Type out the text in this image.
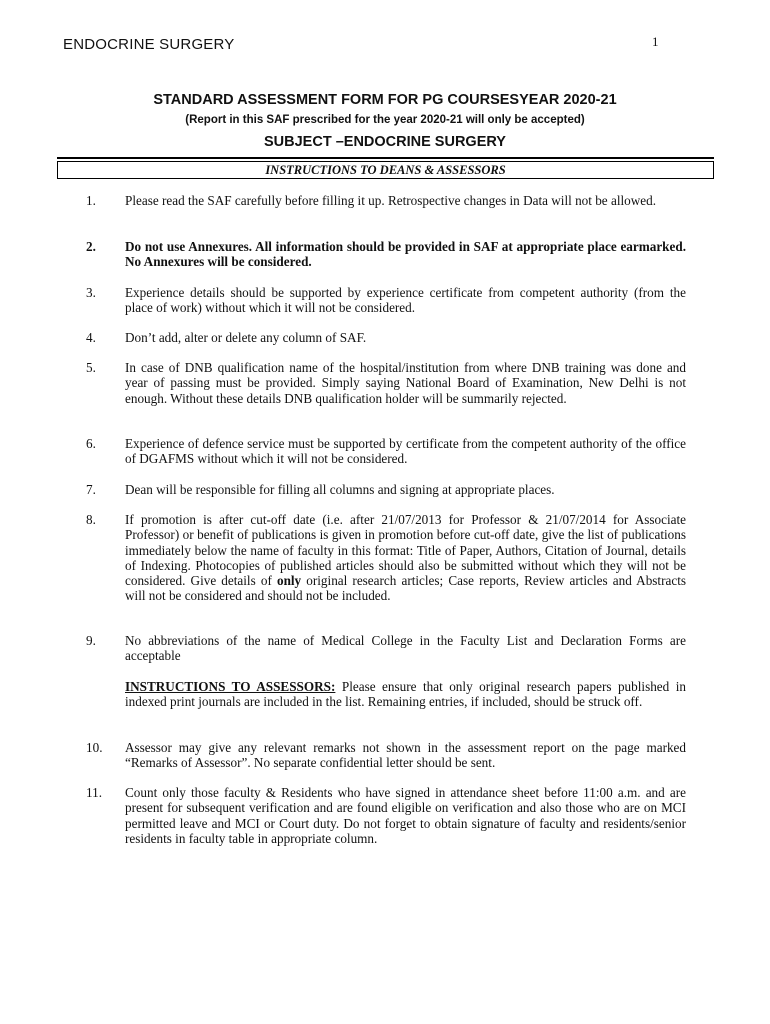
ENDOCRINE SURGERY	1
STANDARD ASSESSMENT FORM FOR PG COURSESYEAR 2020-21
(Report in this SAF prescribed for the year 2020-21 will only be accepted)
SUBJECT –ENDOCRINE SURGERY
INSTRUCTIONS TO DEANS & ASSESSORS
1.	Please read the SAF carefully before filling it up. Retrospective changes in Data will not be allowed.
2.	Do not use Annexures. All information should be provided in SAF at appropriate place earmarked. No Annexures will be considered.
3.	Experience details should be supported by experience certificate from competent authority (from the place of work) without which it will not be considered.
4.	Don’t add, alter or delete any column of SAF.
5.	In case of DNB qualification name of the hospital/institution from where DNB training was done and year of passing must be provided. Simply saying National Board of Examination, New Delhi is not enough. Without these details DNB qualification holder will be summarily rejected.
6.	Experience of defence service must be supported by certificate from the competent authority of the office of DGAFMS without which it will not be considered.
7.	Dean will be responsible for filling all columns and signing at appropriate places.
8.	If promotion is after cut-off date (i.e. after 21/07/2013 for Professor & 21/07/2014 for Associate Professor) or benefit of publications is given in promotion before cut-off date, give the list of publications immediately below the name of faculty in this format: Title of Paper, Authors, Citation of Journal, details of Indexing. Photocopies of published articles should also be submitted without which they will not be considered. Give details of only original research articles; Case reports, Review articles and Abstracts will not be considered and should not be included.
9.	No abbreviations of the name of Medical College in the Faculty List and Declaration Forms are acceptable
INSTRUCTIONS TO ASSESSORS: Please ensure that only original research papers published in indexed print journals are included in the list. Remaining entries, if included, should be struck off.
10.	Assessor may give any relevant remarks not shown in the assessment report on the page marked “Remarks of Assessor”. No separate confidential letter should be sent.
11.	Count only those faculty & Residents who have signed in attendance sheet before 11:00 a.m. and are present for subsequent verification and are found eligible on verification and also those who are on MCI permitted leave and MCI or Court duty. Do not forget to obtain signature of faculty and residents/senior residents in faculty table in appropriate column.
